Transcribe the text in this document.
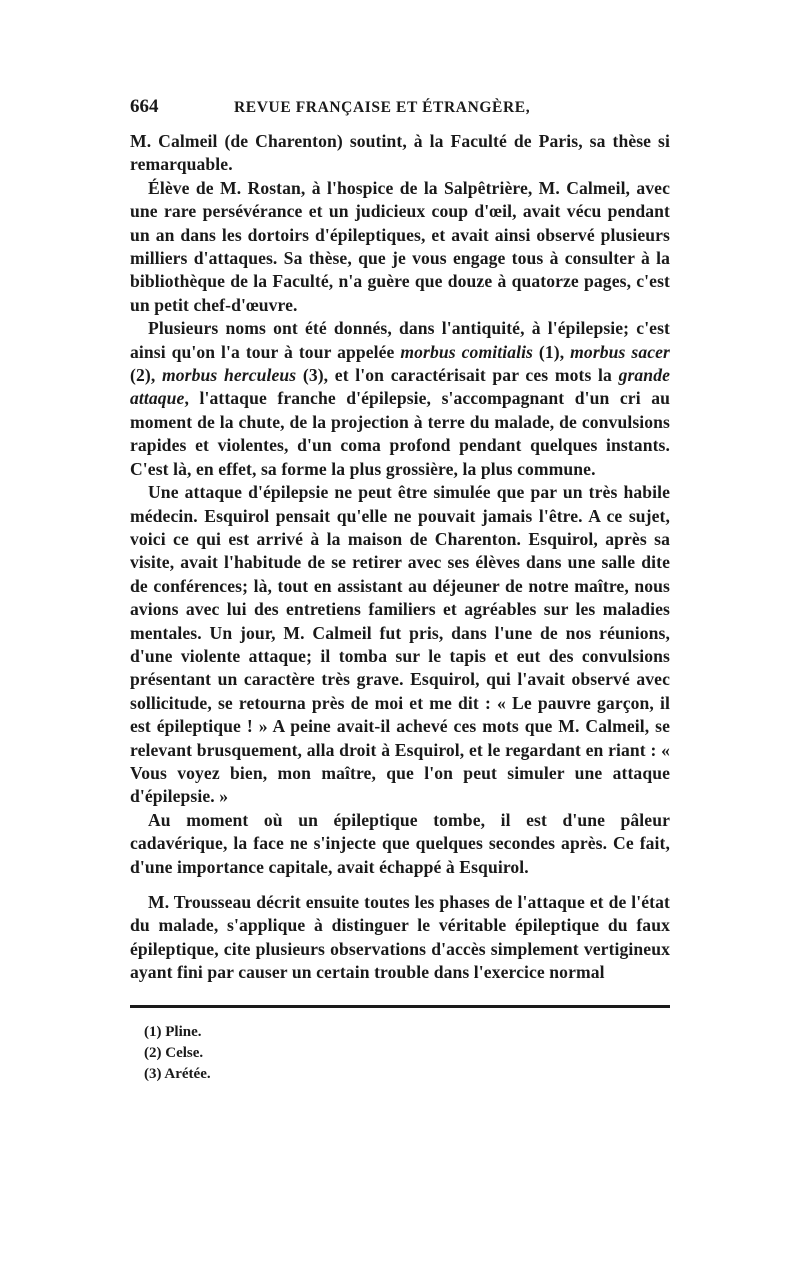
664	REVUE FRANÇAISE ET ÉTRANGÈRE,

M. Calmeil (de Charenton) soutint, à la Faculté de Paris, sa thèse si remarquable.

Élève de M. Rostan, à l'hospice de la Salpêtrière, M. Calmeil, avec une rare persévérance et un judicieux coup d'œil, avait vécu pendant un an dans les dortoirs d'épileptiques, et avait ainsi observé plusieurs milliers d'attaques. Sa thèse, que je vous engage tous à consulter à la bibliothèque de la Faculté, n'a guère que douze à quatorze pages, c'est un petit chef-d'œuvre.

Plusieurs noms ont été donnés, dans l'antiquité, à l'épilepsie; c'est ainsi qu'on l'a tour à tour appelée morbus comitialis (1), morbus sacer (2), morbus herculeus (3), et l'on caractérisait par ces mots la grande attaque, l'attaque franche d'épilepsie, s'accompagnant d'un cri au moment de la chute, de la projection à terre du malade, de convulsions rapides et violentes, d'un coma profond pendant quelques instants. C'est là, en effet, sa forme la plus grossière, la plus commune.

Une attaque d'épilepsie ne peut être simulée que par un très habile médecin. Esquirol pensait qu'elle ne pouvait jamais l'être. A ce sujet, voici ce qui est arrivé à la maison de Charenton. Esquirol, après sa visite, avait l'habitude de se retirer avec ses élèves dans une salle dite de conférences; là, tout en assistant au déjeuner de notre maître, nous avions avec lui des entretiens familiers et agréables sur les maladies mentales. Un jour, M. Calmeil fut pris, dans l'une de nos réunions, d'une violente attaque; il tomba sur le tapis et eut des convulsions présentant un caractère très grave. Esquirol, qui l'avait observé avec sollicitude, se retourna près de moi et me dit : « Le pauvre garçon, il est épileptique ! » A peine avait-il achevé ces mots que M. Calmeil, se relevant brusquement, alla droit à Esquirol, et le regardant en riant : « Vous voyez bien, mon maître, que l'on peut simuler une attaque d'épilepsie. »

Au moment où un épileptique tombe, il est d'une pâleur cadavérique, la face ne s'injecte que quelques secondes après. Ce fait, d'une importance capitale, avait échappé à Esquirol.

M. Trousseau décrit ensuite toutes les phases de l'attaque et de l'état du malade, s'applique à distinguer le véritable épileptique du faux épileptique, cite plusieurs observations d'accès simplement vertigineux ayant fini par causer un certain trouble dans l'exercice normal

(1) Pline.
(2) Celse.
(3) Arétée.
